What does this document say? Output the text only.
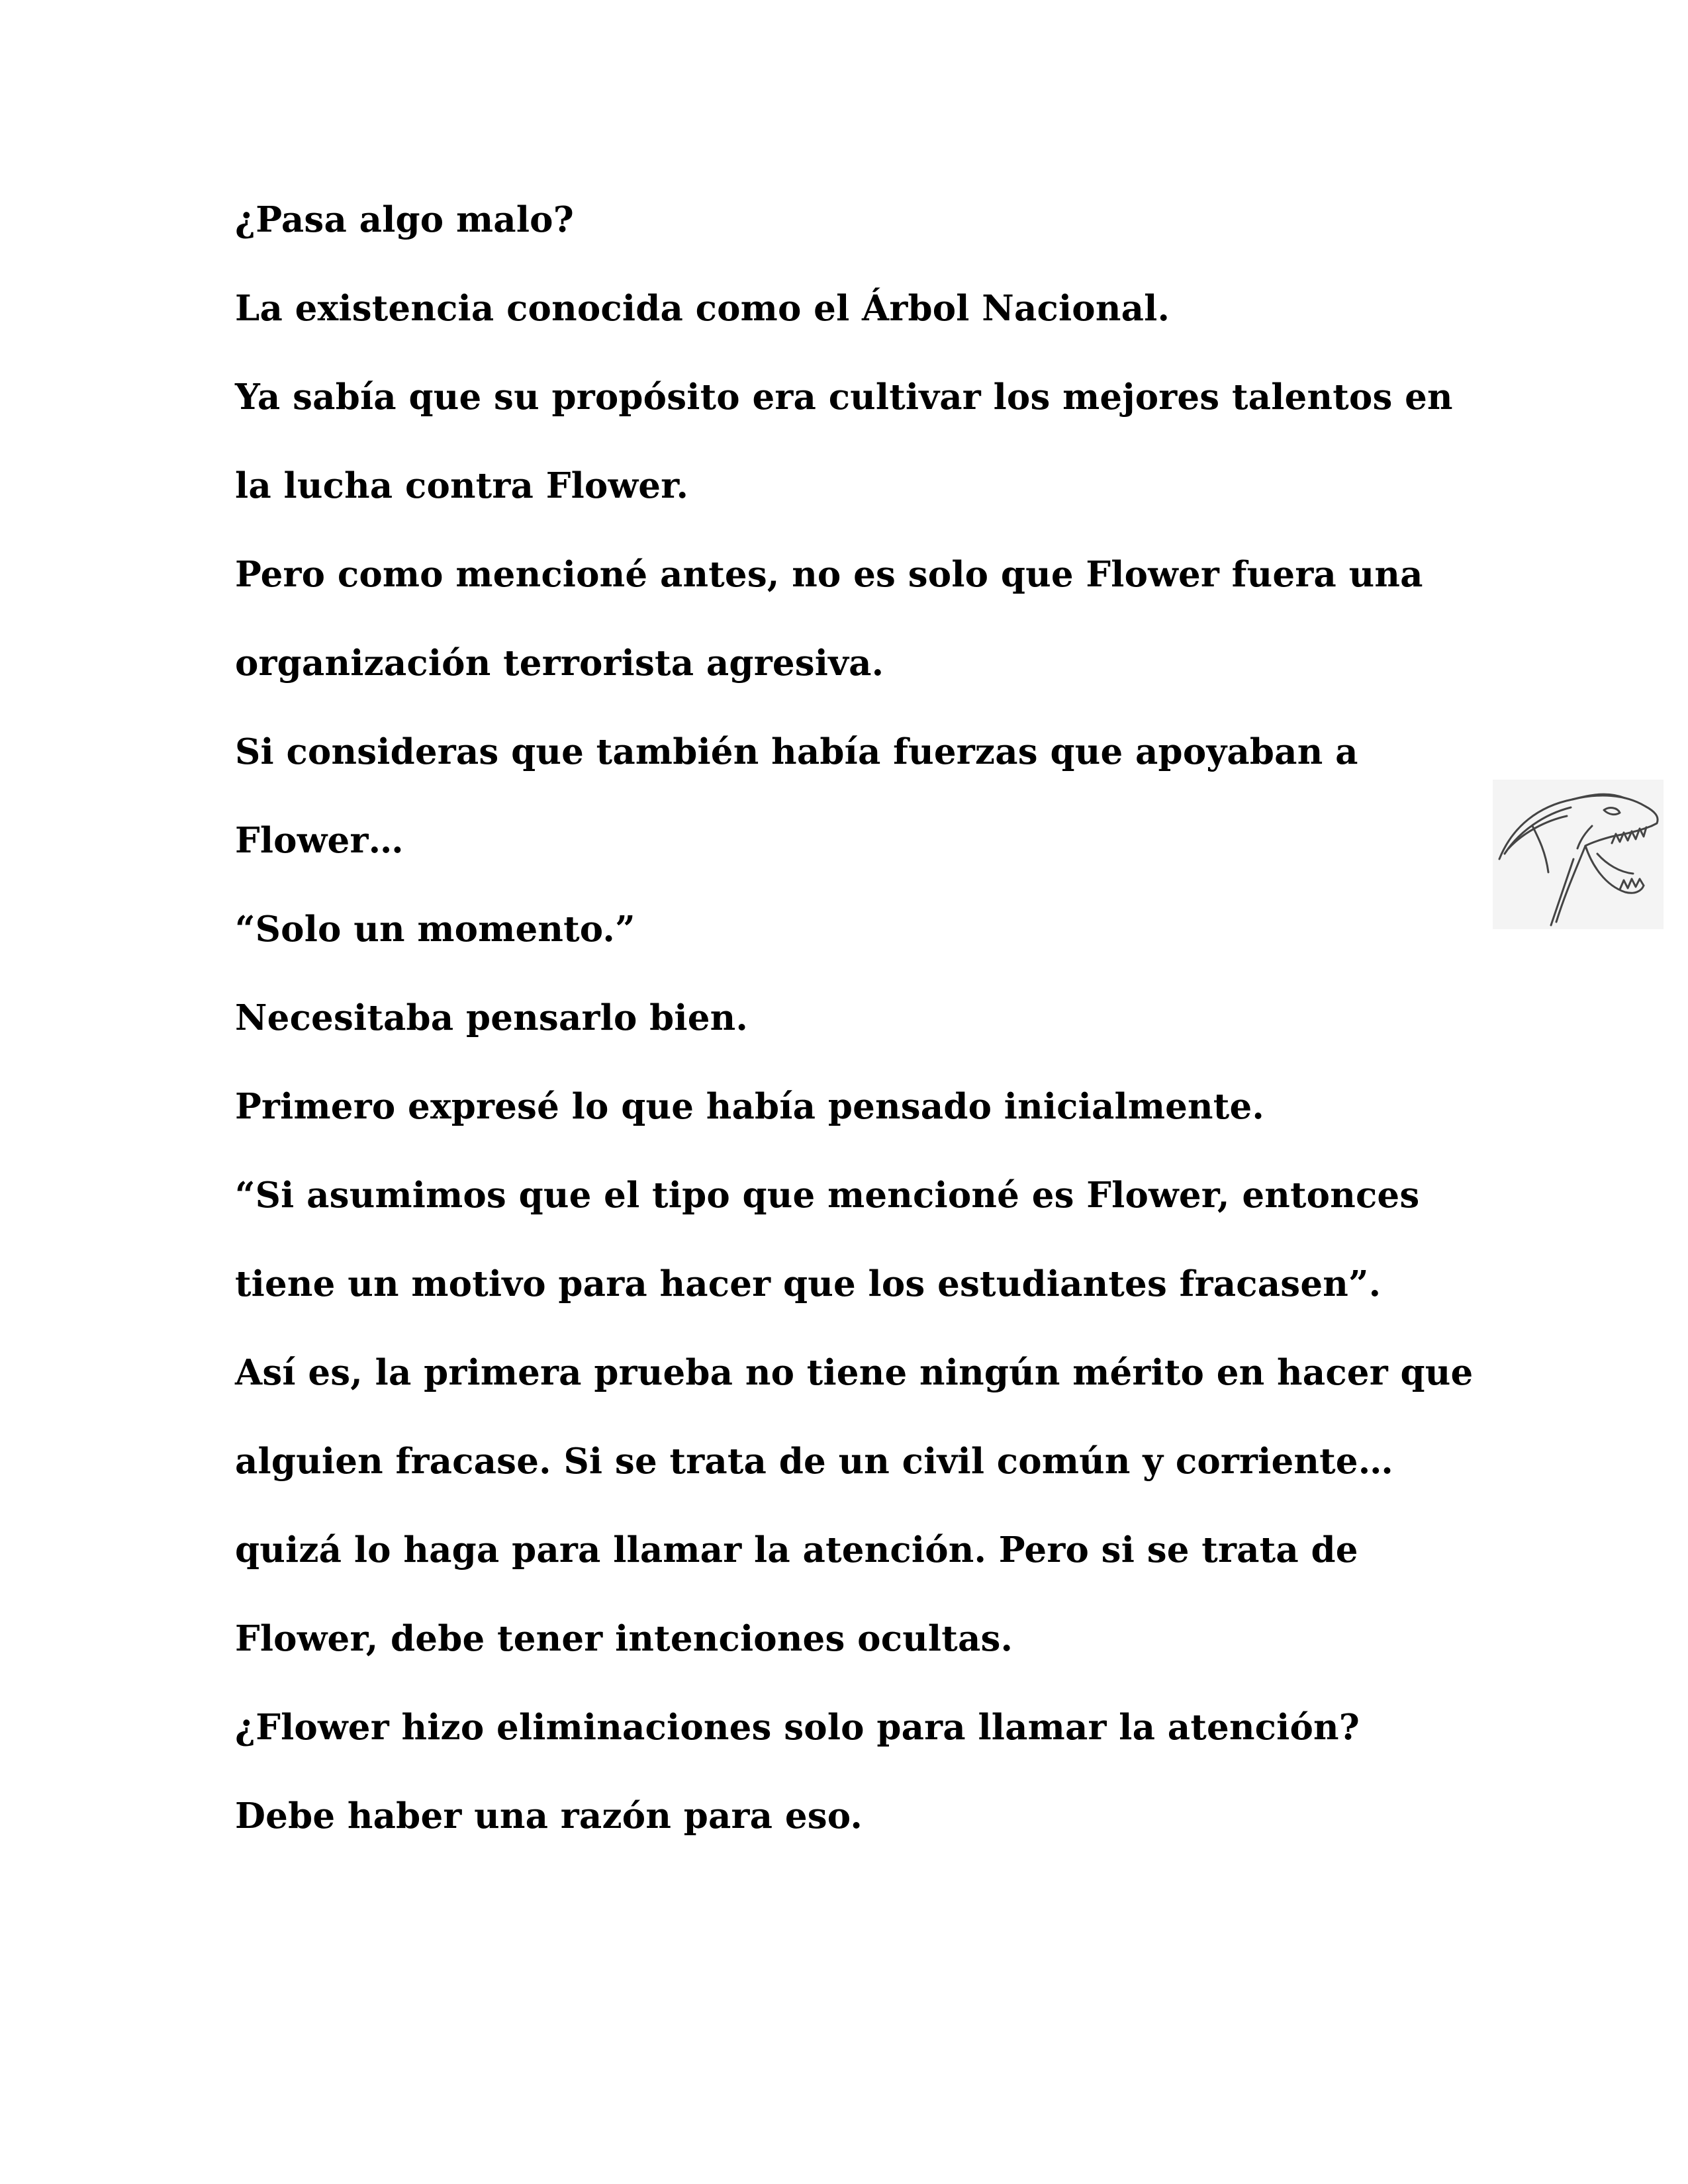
¿Pasa algo malo?
La existencia conocida como el Árbol Nacional.
Ya sabía que su propósito era cultivar los mejores talentos en
la lucha contra Flower.
Pero como mencioné antes, no es solo que Flower fuera una
organización terrorista agresiva.
Si consideras que también había fuerzas que apoyaban a
Flower…
“Solo un momento.”
Necesitaba pensarlo bien.
Primero expresé lo que había pensado inicialmente.
“Si asumimos que el tipo que mencioné es Flower, entonces
tiene un motivo para hacer que los estudiantes fracasen”.
Así es, la primera prueba no tiene ningún mérito en hacer que
alguien fracase. Si se trata de un civil común y corriente…
quizá lo haga para llamar la atención. Pero si se trata de
Flower, debe tener intenciones ocultas.
¿Flower hizo eliminaciones solo para llamar la atención?
Debe haber una razón para eso.
